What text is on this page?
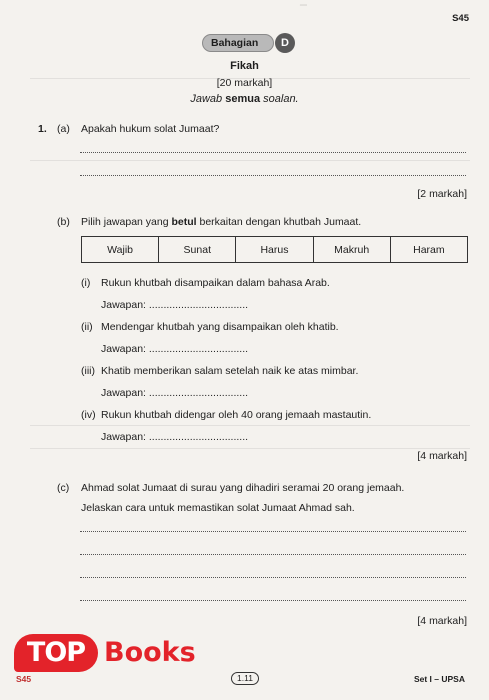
▔
S45
Bahagian	D
Fikah
[20 markah]
Jawab semua soalan.
1. (a) Apakah hukum solat Jumaat?
[2 markah]
(b) Pilih jawapan yang betul berkaitan dengan khutbah Jumaat.
Wajib	Sunat	Harus	Makruh	Haram
(i) Rukun khutbah disampaikan dalam bahasa Arab.
Jawapan: ..................................
(ii) Mendengar khutbah yang disampaikan oleh khatib.
Jawapan: ..................................
(iii) Khatib memberikan salam setelah naik ke atas mimbar.
Jawapan: ..................................
(iv) Rukun khutbah didengar oleh 40 orang jemaah mastautin.
Jawapan: ..................................
[4 markah]
(c) Ahmad solat Jumaat di surau yang dihadiri seramai 20 orang jemaah.
Jelaskan cara untuk memastikan solat Jumaat Ahmad sah.
[4 markah]
TOP Books
S45	1.11	Set I – UPSA
